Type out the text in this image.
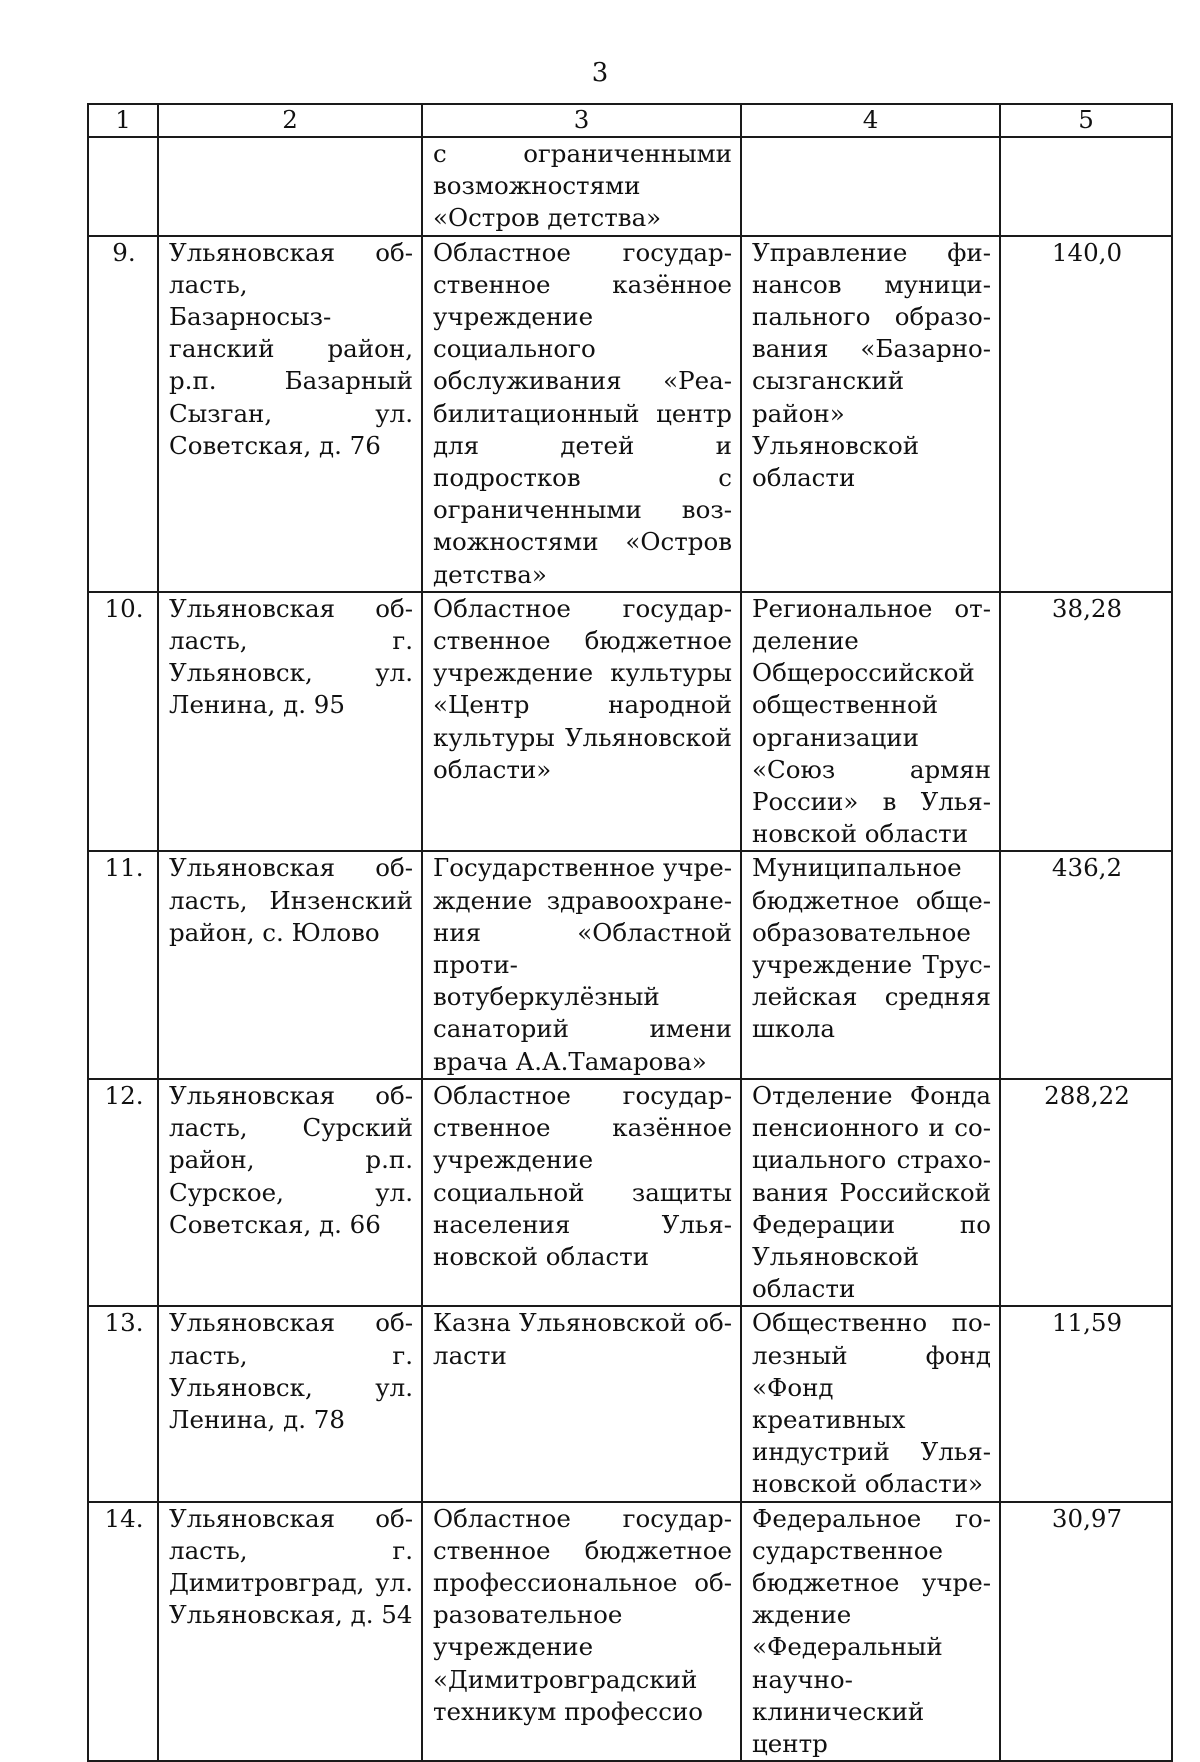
3
1	2	3	4	5
		с ограниченными возможностями «Остров детства»		
9.	Ульяновская область, Базарносызганский район, р.п. Базарный Сызган, ул. Советская, д. 76	Областное государственное казённое учреждение социального обслуживания «Реабилитационный центр для детей и подростков с ограниченными возможностями «Остров детства»	Управление финансов муниципального образования «Базарносызганский район» Ульяновской области	140,0
10.	Ульяновская область, г. Ульяновск, ул. Ленина, д. 95	Областное государственное бюджетное учреждение культуры «Центр народной культуры Ульяновской области»	Региональное отделение Общероссийской общественной организации «Союз армян России» в Ульяновской области	38,28
11.	Ульяновская область, Инзенский район, с. Юлово	Государственное учреждение здравоохранения «Областной противотуберкулёзный санаторий имени врача А.А.Тамарова»	Муниципальное бюджетное общеобразовательное учреждение Труслейская средняя школа	436,2
12.	Ульяновская область, Сурский район, р.п. Сурское, ул. Советская, д. 66	Областное государственное казённое учреждение социальной защиты населения Ульяновской области	Отделение Фонда пенсионного и социального страхования Российской Федерации по Ульяновской области	288,22
13.	Ульяновская область, г. Ульяновск, ул. Ленина, д. 78	Казна Ульяновской области	Общественно полезный фонд «Фонд креативных индустрий Ульяновской области»	11,59
14.	Ульяновская область, г. Димитровград, ул. Ульяновская, д. 54	Областное государственное бюджетное профессиональное образовательное учреждение «Димитровградский техникум профессио	Федеральное государственное бюджетное учреждение «Федеральный научноклинический центр	30,97
